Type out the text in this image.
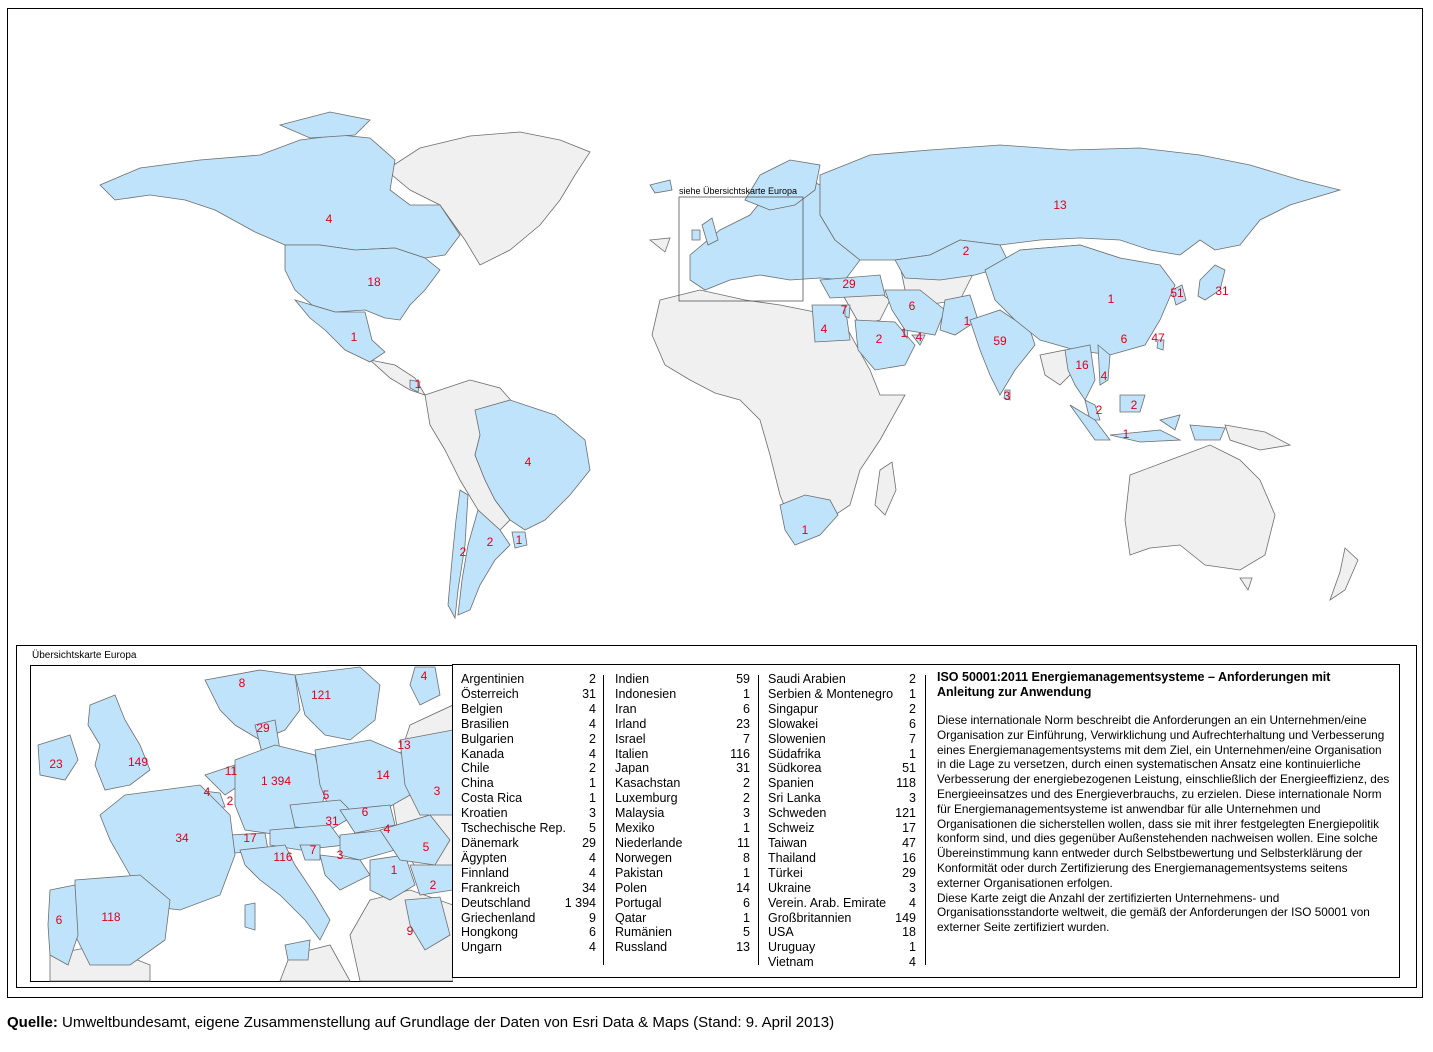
siehe Übersichtskarte Europa
4
18
1
1
4
2
2 1
1
13
2
29
7
4
2 1 4
6
1
59
3
1	51	31
47
6
16
4
2 2
1
Übersichtskarte Europa
8
121
4
29
23	149
11
4
2
1 394	14
5
6
31
4
17
34
116 7 3
1
5
2
3
9
118
6
13
Argentinien	2
Österreich	31
Belgien	4
Brasilien	4
Bulgarien	2
Kanada	4
Chile	2
China	1
Costa Rica	1
Kroatien	3
Tschechische Rep. 5
Dänemark	29
Ägypten	4
Finnland	4
Frankreich	34
Deutschland	1 394
Griechenland	9
Hongkong	6
Ungarn	4
Indien	59
Indonesien	1
Iran	6
Irland	23
Israel	7
Italien	116
Japan	31
Kasachstan	2
Luxemburg	2
Malaysia	3
Mexiko	1
Niederlande	11
Norwegen	8
Pakistan	1
Polen	14
Portugal	6
Qatar	1
Rumänien	5
Russland	13
Saudi Arabien	2
Serbien & Montenegro 1
Singapur	2
Slowakei	6
Slowenien	7
Südafrika	1
Südkorea	51
Spanien	118
Sri Lanka	3
Schweden	121
Schweiz	17
Taiwan	47
Thailand	16
Türkei	29
Ukraine	3
Verein. Arab. Emirate 4
Großbritannien	149
USA	18
Uruguay	1
Vietnam	4
ISO 50001:2011 Energiemanagementsysteme – Anforderungen mit Anleitung zur Anwendung

Diese internationale Norm beschreibt die Anforderungen an ein Unternehmen/eine Organisation zur Einführung, Verwirklichung und Aufrechterhaltung und Verbesserung eines Energiemanagementsystems mit dem Ziel, ein Unternehmen/eine Organisation in die Lage zu versetzen, durch einen systematischen Ansatz eine kontinuierliche Verbesserung der energiebezogenen Leistung, einschließlich der Energieeffizienz, des Energieeinsatzes und des Energieverbrauchs, zu erzielen. Diese internationale Norm für Energiemanagementsysteme ist anwendbar für alle Unternehmen und Organisationen die sicherstellen wollen, dass sie mit ihrer festgelegten Energiepolitik konform sind, und dies gegenüber Außenstehenden nachweisen wollen. Eine solche Übereinstimmung kann entweder durch Selbstbewertung und Selbsterklärung der Konformität oder durch Zertifizierung des Energiemanagementsystems seitens externer Organisationen erfolgen.

Diese Karte zeigt die Anzahl der zertifizierten Unternehmens- und Organisationsstandorte weltweit, die gemäß der Anforderungen der ISO 50001 von externer Seite zertifiziert wurden.

Quelle: Umweltbundesamt, eigene Zusammenstellung auf Grundlage der Daten von Esri Data & Maps (Stand: 9. April 2013)
